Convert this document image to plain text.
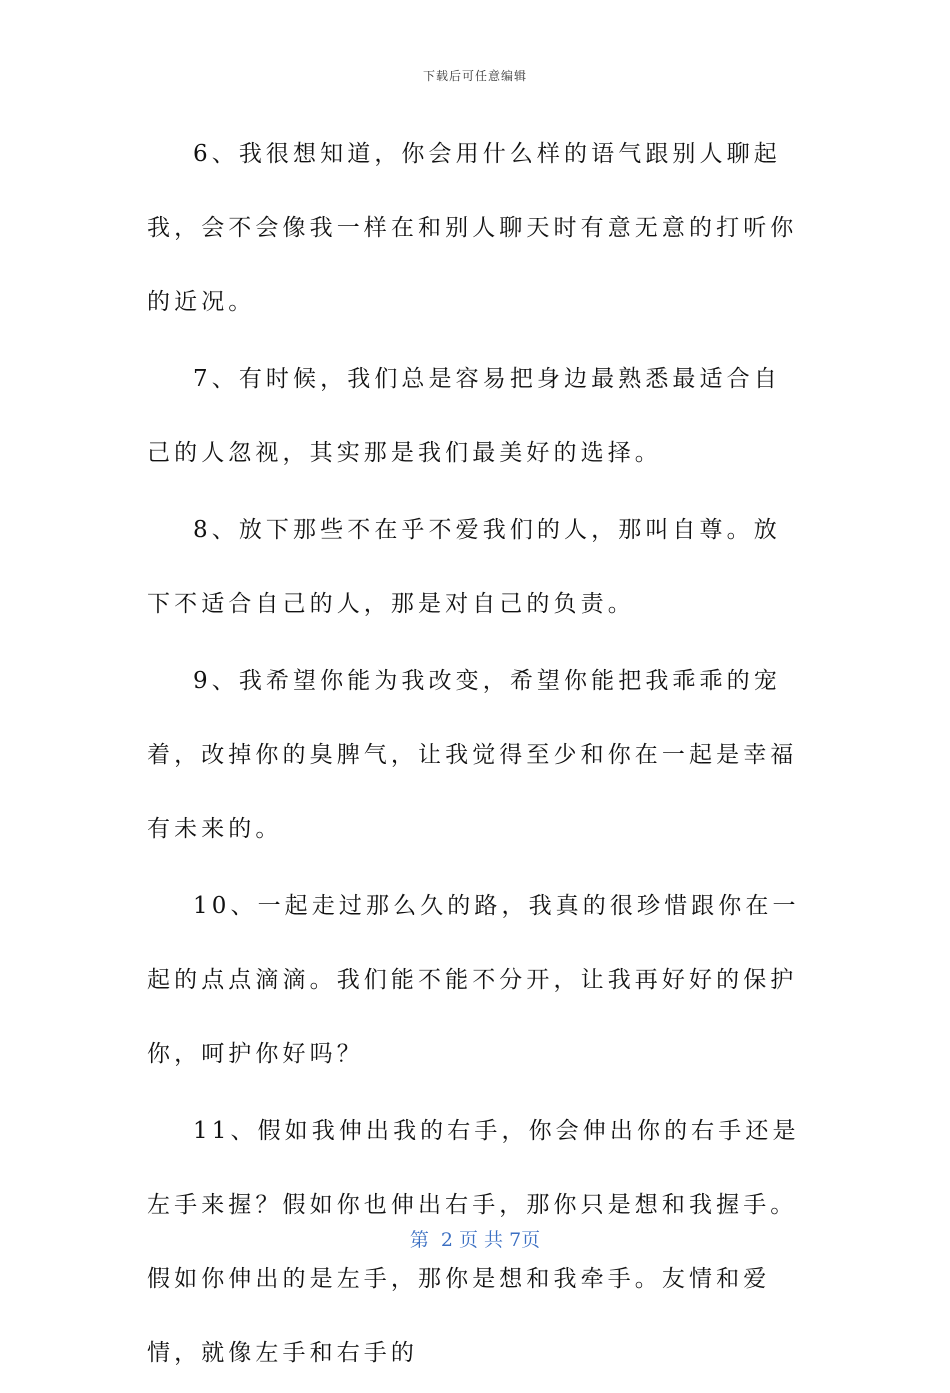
下载后可任意编辑

6、我很想知道，你会用什么样的语气跟别人聊起我，会不会像我一样在和别人聊天时有意无意的打听你的近况。

7、有时候，我们总是容易把身边最熟悉最适合自己的人忽视，其实那是我们最美好的选择。

8、放下那些不在乎不爱我们的人，那叫自尊。放下不适合自己的人，那是对自己的负责。

9、我希望你能为我改变，希望你能把我乖乖的宠着，改掉你的臭脾气，让我觉得至少和你在一起是幸福有未来的。

10、一起走过那么久的路，我真的很珍惜跟你在一起的点点滴滴。我们能不能不分开，让我再好好的保护你，呵护你好吗？

11、假如我伸出我的右手，你会伸出你的右手还是左手来握？假如你也伸出右手，那你只是想和我握手。假如你伸出的是左手，那你是想和我牵手。友情和爱情，就像左手和右手的

第  2 页 共 7页
